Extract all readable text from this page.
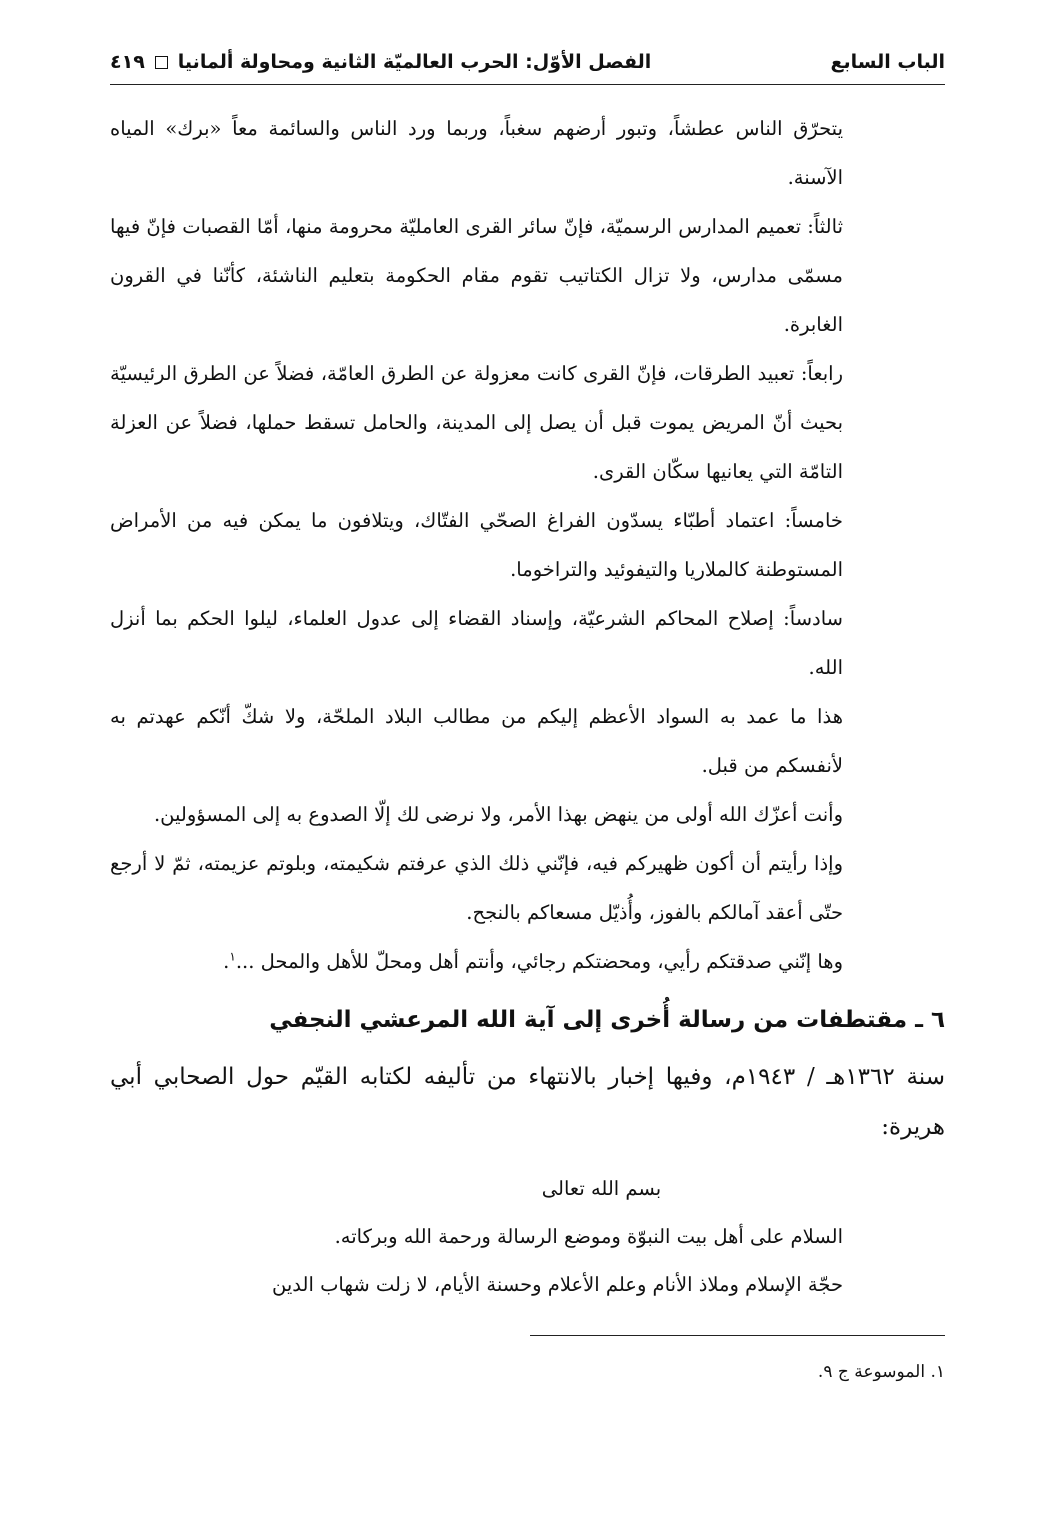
الباب السابع
الفصل الأوّل: الحرب العالميّة الثانية ومحاولة ألمانيا
٤١٩

يتحرّق الناس عطشاً، وتبور أرضهم سغباً، وربما ورد الناس والسائمة معاً «برك» المياه الآسنة.

ثالثاً: تعميم المدارس الرسميّة، فإنّ سائر القرى العامليّة محرومة منها، أمّا القصبات فإنّ فيها مسمّى مدارس، ولا تزال الكتاتيب تقوم مقام الحكومة بتعليم الناشئة، كأنّنا في القرون الغابرة.

رابعاً: تعبيد الطرقات، فإنّ القرى كانت معزولة عن الطرق العامّة، فضلاً عن الطرق الرئيسيّة بحيث أنّ المريض يموت قبل أن يصل إلى المدينة، والحامل تسقط حملها، فضلاً عن العزلة التامّة التي يعانيها سكّان القرى.

خامساً: اعتماد أطبّاء يسدّون الفراغ الصحّي الفتّاك، ويتلافون ما يمكن فيه من الأمراض المستوطنة كالملاريا والتيفوئيد والتراخوما.

سادساً: إصلاح المحاكم الشرعيّة، وإسناد القضاء إلى عدول العلماء، ليلوا الحكم بما أنزل الله.

هذا ما عمد به السواد الأعظم إليكم من مطالب البلاد الملحّة، ولا شكّ أنّكم عهدتم به لأنفسكم من قبل.

وأنت أعزّك الله أولى من ينهض بهذا الأمر، ولا نرضى لك إلّا الصدوع به إلى المسؤولين.

وإذا رأيتم أن أكون ظهيركم فيه، فإنّني ذلك الذي عرفتم شكيمته، وبلوتم عزيمته، ثمّ لا أرجع حتّى أعقد آمالكم بالفوز، وأُذيّل مسعاكم بالنجح.

وها إنّني صدقتكم رأيي، ومحضتكم رجائي، وأنتم أهل ومحلّ للأهل والمحل ...$^١$.

٦ ـ مقتطفات من رسالة أُخرى إلى آية الله المرعشي النجفي

سنة ١٣٦٢هـ / ١٩٤٣م، وفيها إخبار بالانتهاء من تأليفه لكتابه القيّم حول الصحابي أبي هريرة:

بسم الله تعالى

السلام على أهل بيت النبوّة وموضع الرسالة ورحمة الله وبركاته.

حجّة الإسلام وملاذ الأنام وعلم الأعلام وحسنة الأيام، لا زلت شهاب الدين

١. الموسوعة ج ٩.
